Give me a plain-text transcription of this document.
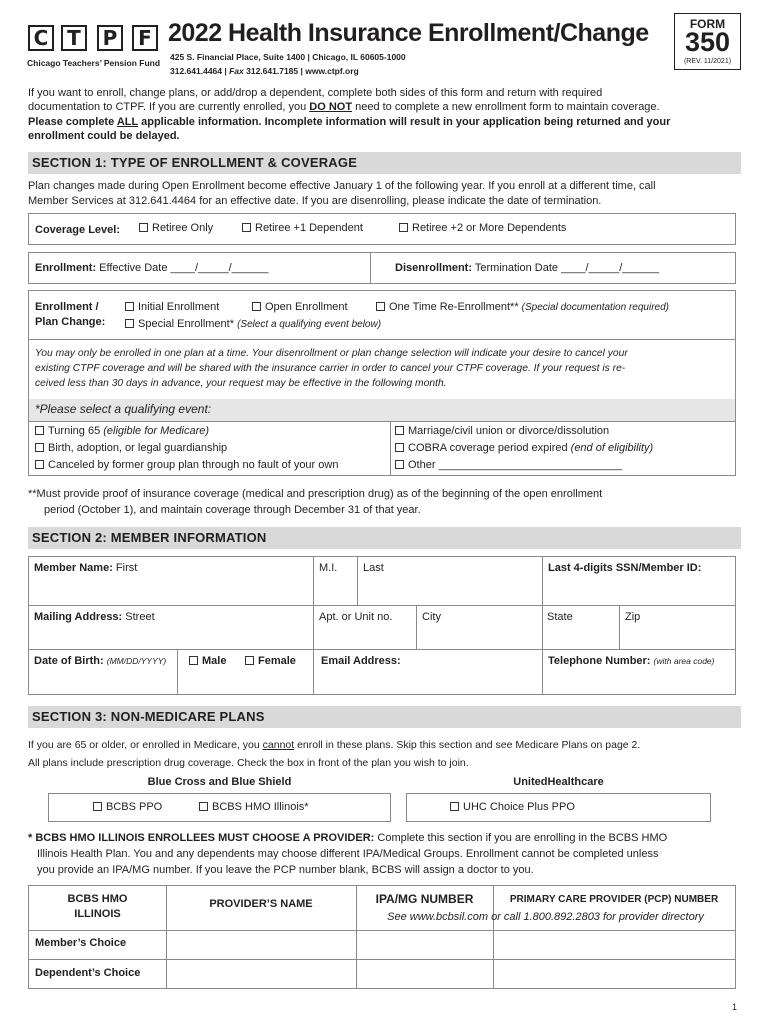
C T	P	F
Chicago Teachers’ Pension Fund
2022 Health Insurance Enrollment/Change
425 S. Financial Place, Suite 1400 | Chicago, IL 60605-1000
312.641.4464 | Fax 312.641.7185 | www.ctpf.org
FORM
350
(REV. 11/2021)
If you want to enroll, change plans, or add/drop a dependent, complete both sides of this form and return with required
documentation to CTPF. If you are currently enrolled, you DO NOT need to complete a new enrollment form to maintain coverage.
Please complete ALL applicable information. Incomplete information will result in your application being returned and your
enrollment could be delayed.
SECTION 1: TYPE OF ENROLLMENT & COVERAGE
Plan changes made during Open Enrollment become effective January 1 of the following year. If you enroll at a different time, call
Member Services at 312.641.4464 for an effective date. If you are disenrolling, please indicate the date of termination.
Coverage Level:	Retiree Only	Retiree +1 Dependent	Retiree +2 or More Dependents
Enrollment: Effective Date ____/_____/______	Disenrollment: Termination Date ____/_____/______
Enrollment /
Plan Change:
Initial Enrollment	Open Enrollment	One Time Re-Enrollment** (Special documentation required)
Special Enrollment* (Select a qualifying event below)
You may only be enrolled in one plan at a time. Your disenrollment or plan change selection will indicate your desire to cancel your
existing CTPF coverage and will be shared with the insurance carrier in order to cancel your CTPF coverage. If your request is re-
ceived less than 30 days in advance, your request may be effective in the following month.
*Please select a qualifying event:
Turning 65 (eligible for Medicare)
Birth, adoption, or legal guardianship
Canceled by former group plan through no fault of your own
Marriage/civil union or divorce/dissolution
COBRA coverage period expired (end of eligibility)
Other ______________________________
**Must provide proof of insurance coverage (medical and prescription drug) as of the beginning of the open enrollment
period (October 1), and maintain coverage through December 31 of that year.
SECTION 2: MEMBER INFORMATION
Member Name: First	M.I. Last	Last 4-digits SSN/Member ID:
Mailing Address: Street	Apt. or Unit no.	City	State	Zip
Date of Birth: (MM/DD/YYYY)	Male	Female Email Address:	Telephone Number: (with area code)
SECTION 3: NON-MEDICARE PLANS
If you are 65 or older, or enrolled in Medicare, you cannot enroll in these plans. Skip this section and see Medicare Plans on page 2.
All plans include prescription drug coverage. Check the box in front of the plan you wish to join.
Blue Cross and Blue Shield	UnitedHealthcare
BCBS PPO	BCBS HMO Illinois*	UHC Choice Plus PPO
* BCBS HMO ILLINOIS ENROLLEES MUST CHOOSE A PROVIDER: Complete this section if you are enrolling in the BCBS HMO
Illinois Health Plan. You and any dependents may choose different IPA/Medical Groups. Enrollment cannot be completed unless
you provide an IPA/MG number. If you leave the PCP number blank, BCBS will assign a doctor to you.
BCBS HMO
ILLINOIS
PROVIDER’S NAME	IPA/MG NUMBER	PRIMARY CARE PROVIDER (PCP) NUMBER
See www.bcbsil.com or call 1.800.892.2803 for provider directory
Member’s Choice
Dependent’s Choice
1
